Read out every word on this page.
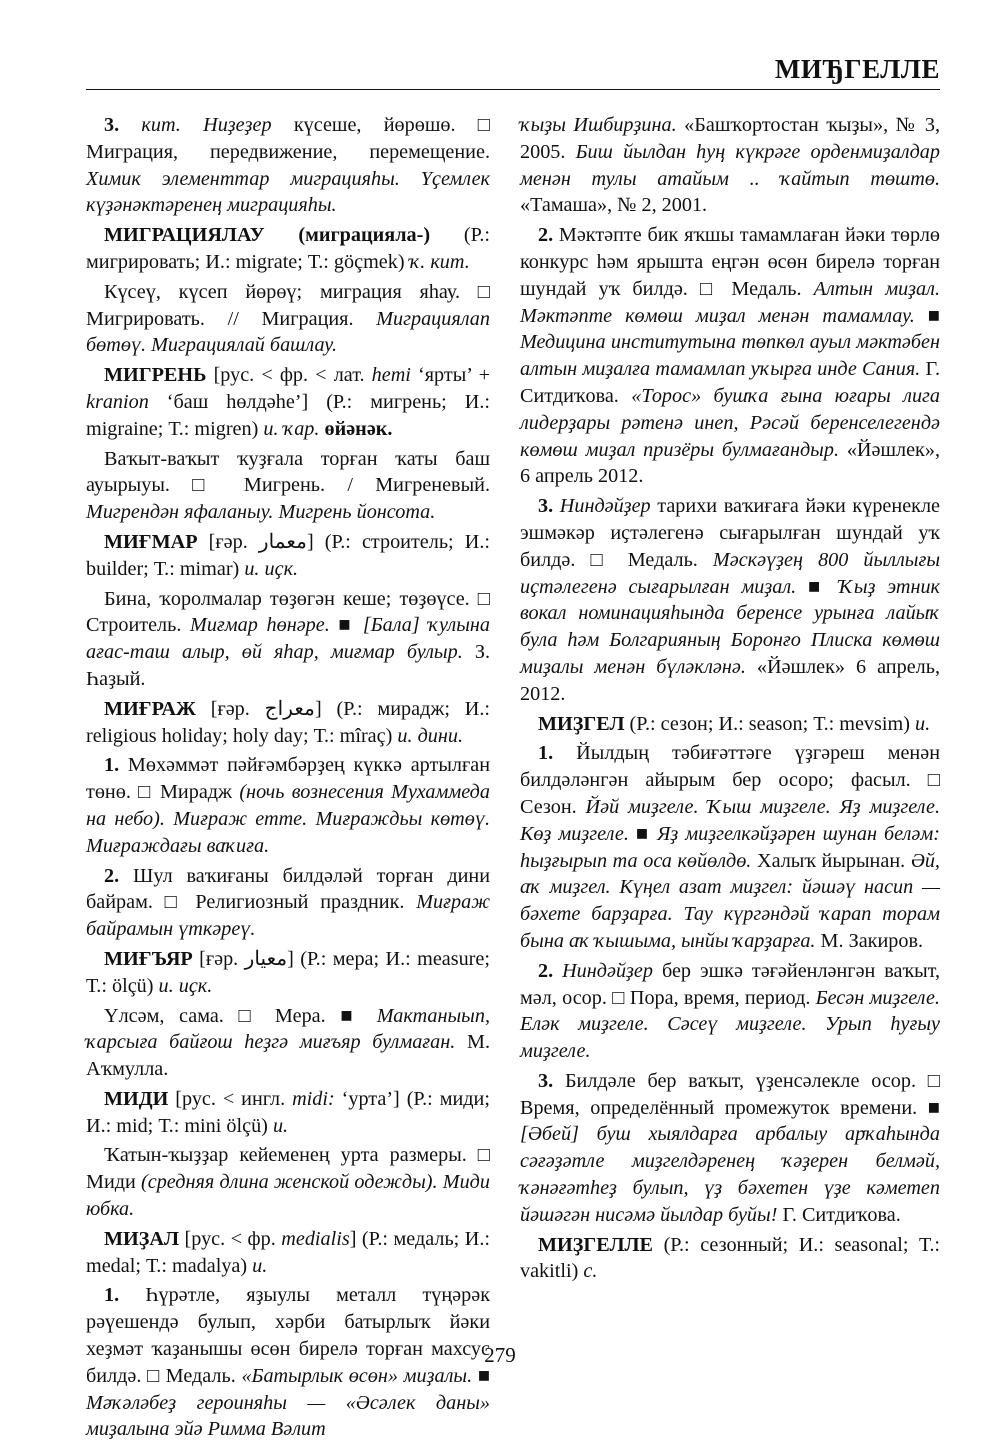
МИЂГЕЛЛЕ

3. кит. Ниҙеҙер күсеше, йөрөшө. □ Миграция, передвижение, перемещение. Химик элементтар миграцияһы. Үҫемлек күҙәнәктәренең миграцияһы.

МИГРАЦИЯЛАУ (миграцияла-) (Р.: мигрировать; И.: migrate; Т.: göçmek) ҡ. кит.

Күсеү, күсеп йөрөү; миграция яһау. □ Мигрировать. // Миграция. Миграциялап бөтөү. Миграциялай башлау.

МИГРЕНЬ [рус. < фр. < лат. hemi ‘ярты’ + kranion ‘баш һөлдәһе’] (Р.: мигрень; И.: migraine; Т.: migren) и. ҡар. өйәнәк.

Ваҡыт-ваҡыт ҡуҙғала торған ҡаты баш ауырыуы. □ Мигрень. / Мигреневый. Мигрендән яфаланыу. Мигрень йонсота.

МИҒМАР [ғәр. معمار] (Р.: строитель; И.: builder; Т.: mimar) и. иҫк.

Бина, ҡоролмалар төҙөгән кеше; төҙөүсе. □ Строитель. Миғмар һөнәре. ■ [Бала] ҡулына ағас-таш алыр, өй яһар, миғмар булыр. З. Һаҙый.

МИҒРАЖ [ғәр. معراج] (Р.: мирадж; И.: religious holiday; holy day; Т.: mîraç) и. дини.

1. Мөхәммәт пәйғәмбәрҙең күккә артылған төнө. □ Мирадж (ночь вознесения Мухаммеда на небо). Миғраж етте. Миғраждьы көтөү. Миғраждағы ваҡиға.

2. Шул ваҡиғаны билдәләй торған дини байрам. □ Религиозный праздник. Миғраж байрамын үткәреү.

МИҒЪЯР [ғәр. معيار] (Р.: мера; И.: measure; Т.: ölçü) и. иҫк.

Үлсәм, сама. □ Мера. ■ Мактаныып, ҡарсыға байғош һеҙгә миғъяр булмаған. М. Аҡмулла.

МИДИ [рус. < ингл. midi: ‘урта’] (Р.: миди; И.: mid; Т.: mini ölçü) и.

Ҡатын-ҡыҙҙар кейеменең урта размеры. □ Миди (средняя длина женской одежды). Миди юбка.

МИҘАЛ [рус. < фр. medialis] (Р.: медаль; И.: medal; Т.: madalya) и.

1. Һүрәтле, яҙыулы металл түңәрәк рәүешендә булып, хәрби батырлыҡ йәки хеҙмәт ҡаҙанышы өсөн бирелә торған махсус билдә. □ Медаль. «Батырлык өсөн» миҙалы. ■ Мәҡәләбеҙ героиняһы — «Әсәлек даны» миҙалына эйә Римма Вәлит

ҡыҙы Ишбирҙина. «Башҡортостан ҡыҙы», № 3, 2005. Биш йылдан һуң күкрәге орденмиҙалдар менән тулы атайым .. ҡайтып төштө. «Тамаша», № 2, 2001.

2. Мәктәпте бик яҡшы тамамлаған йәки төрлө конкурс һәм ярышта еңгән өсөн бирелә торған шундай уҡ билдә. □ Медаль. Алтын миҙал. Мәктәпте көмөш миҙал менән тамамлау. ■ Медицина институтына төпкөл ауыл мәктәбен алтын миҙалға тамамлап уҡырға инде Сания. Г. Ситдиҡова. «Торос» бушҡа ғына юғары лига лидерҙары рәтенә инеп, Рәсәй беренселегендә көмөш миҙал призёры булмағандыр. «Йәшлек», 6 апрель 2012.

3. Ниндәйҙер тарихи ваҡиғаға йәки күренекле эшмәкәр иҫтәлегенә сығарылған шундай уҡ билдә. □ Медаль. Мәскәүҙең 800 йыллығы иҫтәлегенә сығарылған миҙал. ■ Ҡыҙ этник вокал номинацияһында беренсе урынға лайыҡ була һәм Болгарияның Боронғо Плиска көмөш миҙалы менән бүләкләнә. «Йәшлек» 6 апрель, 2012.

МИҘГЕЛ (Р.: сезон; И.: season; Т.: mevsim) и.

1. Йылдың тәбиғәттәге үҙгәреш менән билдәләнгән айырым бер осоро; фасыл. □ Сезон. Йәй миҙгеле. Ҡыш миҙгеле. Яҙ миҙгеле. Көҙ миҙгеле. ■ Яҙ миҙгелкәйҙәрен шунан беләм: һыҙғырып та оса көйөлдө. Халыҡ йырынан. Әй, аҡ миҙгел. Күңел азат миҙгел: йәшәү насип — бәхете барҙарға. Тау күргәндәй ҡарап торам бына аҡ ҡышыма, ынйы ҡарҙарға. М. Закиров.

2. Ниндәйҙер бер эшкә тәғәйенләнгән ваҡыт, мәл, осор. □ Пора, время, период. Бесән миҙгеле. Еләк миҙгеле. Сәсеү миҙгеле. Урып һуғыу миҙгеле.

3. Билдәле бер ваҡыт, үҙенсәлекле осор. □ Время, определённый промежуток времени. ■ [Әбей] буш хыялдарға арбалыу арҡаһында сәғәҙәтле миҙгелдәренең ҡәҙерен белмәй, ҡәнәғәтһеҙ булып, үҙ бәхетен үҙе кәметеп йәшәгән нисәмә йылдар буйы! Г. Ситдиҡова.

МИҘГЕЛЛЕ (Р.: сезонный; И.: seasonal; Т.: vakitli) с.

279
